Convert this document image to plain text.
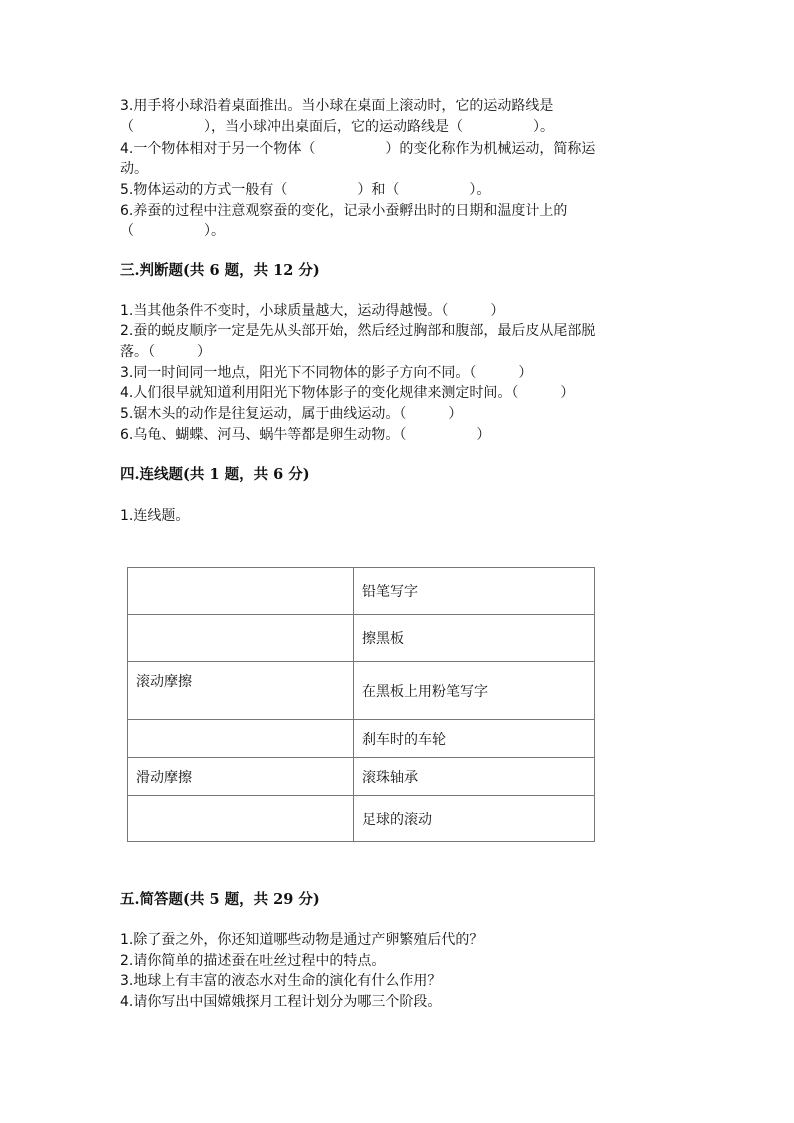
3.用手将小球沿着桌面推出。当小球在桌面上滚动时，它的运动路线是
（　　　　　），当小球冲出桌面后，它的运动路线是（　　　　　）。
4.一个物体相对于另一个物体（　　　　　）的变化称作为机械运动，简称运
动。
5.物体运动的方式一般有（　　　　　）和（　　　　　）。
6.养蚕的过程中注意观察蚕的变化，记录小蚕孵出时的日期和温度计上的
（　　　　　）。
三.判断题(共 6 题，共 12 分)
1.当其他条件不变时，小球质量越大，运动得越慢。（　　　）
2.蚕的蜕皮顺序一定是先从头部开始，然后经过胸部和腹部，最后皮从尾部脱
落。（　　　）
3.同一时间同一地点，阳光下不同物体的影子方向不同。（　　　）
4.人们很早就知道利用阳光下物体影子的变化规律来测定时间。（　　　）
5.锯木头的动作是往复运动，属于曲线运动。（　　　）
6.乌龟、蝴蝶、河马、蜗牛等都是卵生动物。（　　　　　）
四.连线题(共 1 题，共 6 分)
1.连线题。
	铅笔写字
	擦黑板
滚动摩擦	在黑板上用粉笔写字
	刹车时的车轮
滑动摩擦	滚珠轴承
	足球的滚动
五.简答题(共 5 题，共 29 分)
1.除了蚕之外，你还知道哪些动物是通过产卵繁殖后代的？
2.请你简单的描述蚕在吐丝过程中的特点。
3.地球上有丰富的液态水对生命的演化有什么作用？
4.请你写出中国嫦娥探月工程计划分为哪三个阶段。
